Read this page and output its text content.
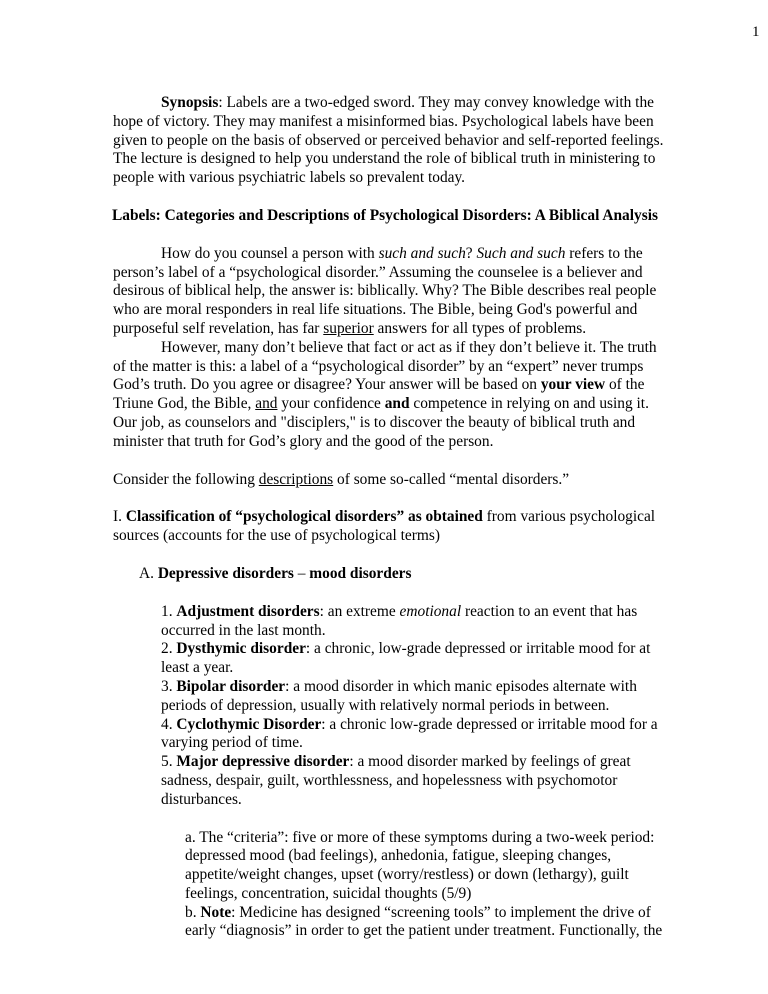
1

Synopsis: Labels are a two-edged sword. They may convey knowledge with the hope of victory. They may manifest a misinformed bias. Psychological labels have been given to people on the basis of observed or perceived behavior and self-reported feelings. The lecture is designed to help you understand the role of biblical truth in ministering to people with various psychiatric labels so prevalent today.

Labels: Categories and Descriptions of Psychological Disorders: A Biblical Analysis

How do you counsel a person with such and such? Such and such refers to the person’s label of a “psychological disorder.” Assuming the counselee is a believer and desirous of biblical help, the answer is: biblically. Why? The Bible describes real people who are moral responders in real life situations. The Bible, being God's powerful and purposeful self revelation, has far superior answers for all types of problems.

However, many don’t believe that fact or act as if they don’t believe it. The truth of the matter is this: a label of a “psychological disorder” by an “expert” never trumps God’s truth. Do you agree or disagree? Your answer will be based on your view of the Triune God, the Bible, and your confidence and competence in relying on and using it. Our job, as counselors and "disciplers," is to discover the beauty of biblical truth and minister that truth for God’s glory and the good of the person.

Consider the following descriptions of some so-called “mental disorders.”

I. Classification of “psychological disorders” as obtained from various psychological sources (accounts for the use of psychological terms)

A. Depressive disorders – mood disorders

1. Adjustment disorders: an extreme emotional reaction to an event that has occurred in the last month.

2. Dysthymic disorder: a chronic, low-grade depressed or irritable mood for at least a year.

3. Bipolar disorder: a mood disorder in which manic episodes alternate with periods of depression, usually with relatively normal periods in between.

4. Cyclothymic Disorder: a chronic low-grade depressed or irritable mood for a varying period of time.

5. Major depressive disorder: a mood disorder marked by feelings of great sadness, despair, guilt, worthlessness, and hopelessness with psychomotor disturbances.

a. The “criteria”: five or more of these symptoms during a two-week period: depressed mood (bad feelings), anhedonia, fatigue, sleeping changes, appetite/weight changes, upset (worry/restless) or down (lethargy), guilt feelings, concentration, suicidal thoughts (5/9)

b. Note: Medicine has designed “screening tools” to implement the drive of early “diagnosis” in order to get the patient under treatment. Functionally, the
